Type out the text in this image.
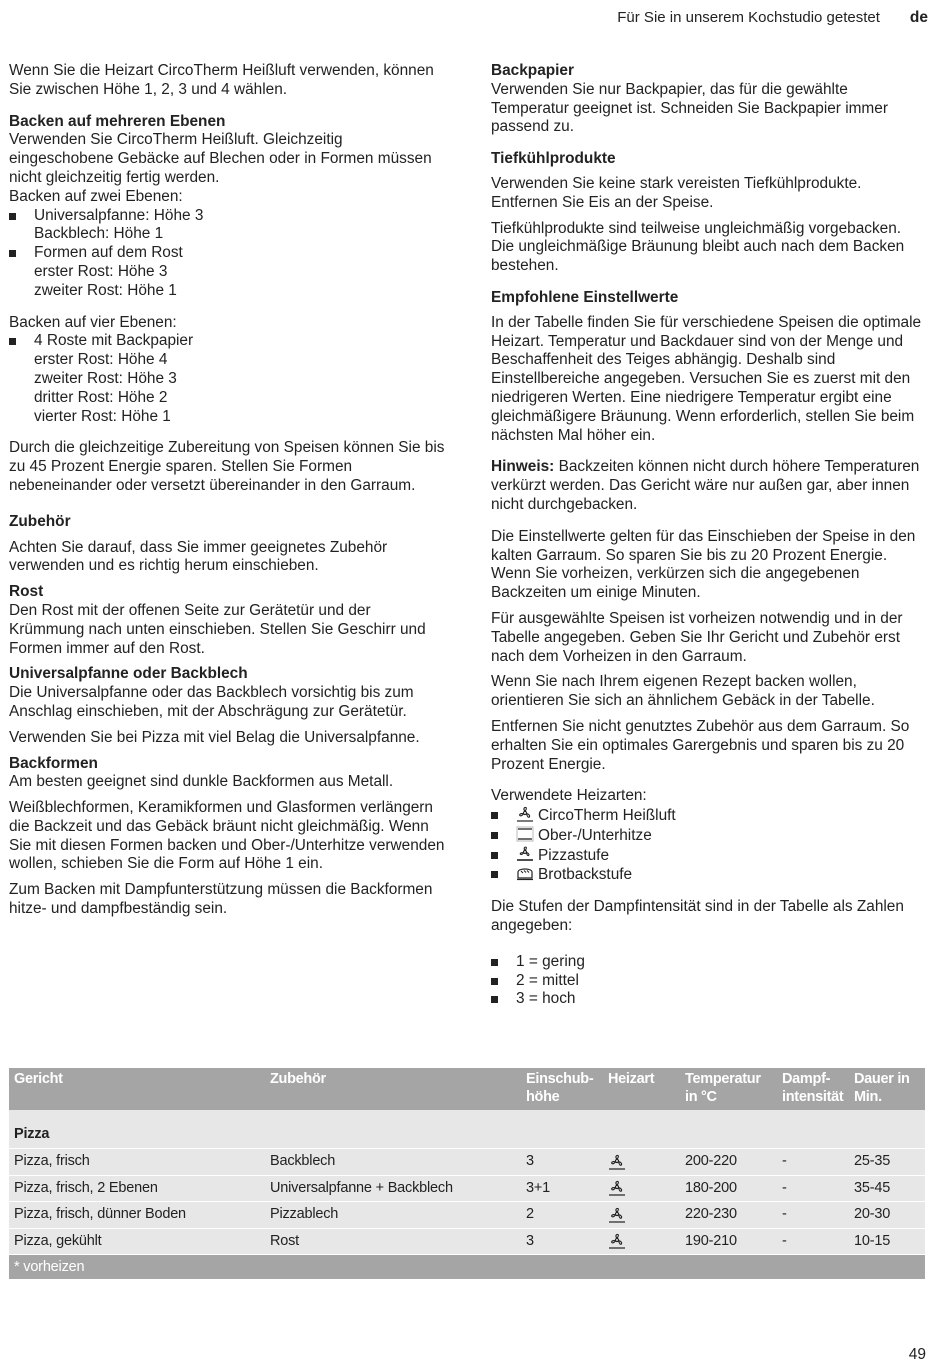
Für Sie in unserem Kochstudio getestet de

Wenn Sie die Heizart CircoTherm Heißluft verwenden, können Sie zwischen Höhe 1, 2, 3 und 4 wählen.

Backen auf mehreren Ebenen
Verwenden Sie CircoTherm Heißluft. Gleichzeitig eingeschobene Gebäcke auf Blechen oder in Formen müssen nicht gleichzeitig fertig werden.
Backen auf zwei Ebenen:
Universalpfanne: Höhe 3
Backblech: Höhe 1
Formen auf dem Rost
erster Rost: Höhe 3
zweiter Rost: Höhe 1
Backen auf vier Ebenen:
4 Roste mit Backpapier
erster Rost: Höhe 4
zweiter Rost: Höhe 3
dritter Rost: Höhe 2
vierter Rost: Höhe 1

Durch die gleichzeitige Zubereitung von Speisen können Sie bis zu 45 Prozent Energie sparen. Stellen Sie Formen nebeneinander oder versetzt übereinander in den Garraum.

Zubehör

Achten Sie darauf, dass Sie immer geeignetes Zubehör verwenden und es richtig herum einschieben.

Rost

Den Rost mit der offenen Seite zur Gerätetür und der Krümmung nach unten einschieben. Stellen Sie Geschirr und Formen immer auf den Rost.

Universalpfanne oder Backblech

Die Universalpfanne oder das Backblech vorsichtig bis zum Anschlag einschieben, mit der Abschrägung zur Gerätetür.

Verwenden Sie bei Pizza mit viel Belag die Universalpfanne.

Backformen

Am besten geeignet sind dunkle Backformen aus Metall.

Weißblechformen, Keramikformen und Glasformen verlängern die Backzeit und das Gebäck bräunt nicht gleichmäßig. Wenn Sie mit diesen Formen backen und Ober-/Unterhitze verwenden wollen, schieben Sie die Form auf Höhe 1 ein.

Zum Backen mit Dampfunterstützung müssen die Backformen hitze- und dampfbeständig sein.

Backpapier

Verwenden Sie nur Backpapier, das für die gewählte Temperatur geeignet ist. Schneiden Sie Backpapier immer passend zu.

Tiefkühlprodukte

Verwenden Sie keine stark vereisten Tiefkühlprodukte. Entfernen Sie Eis an der Speise.

Tiefkühlprodukte sind teilweise ungleichmäßig vorgebacken. Die ungleichmäßige Bräunung bleibt auch nach dem Backen bestehen.

Empfohlene Einstellwerte

In der Tabelle finden Sie für verschiedene Speisen die optimale Heizart. Temperatur und Backdauer sind von der Menge und Beschaffenheit des Teiges abhängig. Deshalb sind Einstellbereiche angegeben. Versuchen Sie es zuerst mit den niedrigeren Werten. Eine niedrigere Temperatur ergibt eine gleichmäßigere Bräunung. Wenn erforderlich, stellen Sie beim nächsten Mal höher ein.

Hinweis: Backzeiten können nicht durch höhere Temperaturen verkürzt werden. Das Gericht wäre nur außen gar, aber innen nicht durchgebacken.

Die Einstellwerte gelten für das Einschieben der Speise in den kalten Garraum. So sparen Sie bis zu 20 Prozent Energie. Wenn Sie vorheizen, verkürzen sich die angegebenen Backzeiten um einige Minuten.

Für ausgewählte Speisen ist vorheizen notwendig und in der Tabelle angegeben. Geben Sie Ihr Gericht und Zubehör erst nach dem Vorheizen in den Garraum.

Wenn Sie nach Ihrem eigenen Rezept backen wollen, orientieren Sie sich an ähnlichem Gebäck in der Tabelle.

Entfernen Sie nicht genutztes Zubehör aus dem Garraum. So erhalten Sie ein optimales Garergebnis und sparen bis zu 20 Prozent Energie.

Verwendete Heizarten:
CircoTherm Heißluft
Ober-/Unterhitze
Pizzastufe
Brotbackstufe

Die Stufen der Dampfintensität sind in der Tabelle als Zahlen angegeben:

1 = gering
2 = mittel
3 = hoch
Gericht	Zubehör	Einschub-
höhe	Heizart	Temperatur
in °C	Dampf-
intensität	Dauer in
Min.
Pizza						
Pizza, frisch	Backblech	3		200-220	-	25-35
Pizza, frisch, 2 Ebenen	Universalpfanne + Backblech	3+1		180-200	-	35-45
Pizza, frisch, dünner Boden	Pizzablech	2		220-230	-	20-30
Pizza, gekühlt	Rost	3		190-210	-	10-15
* vorheizen						
49
